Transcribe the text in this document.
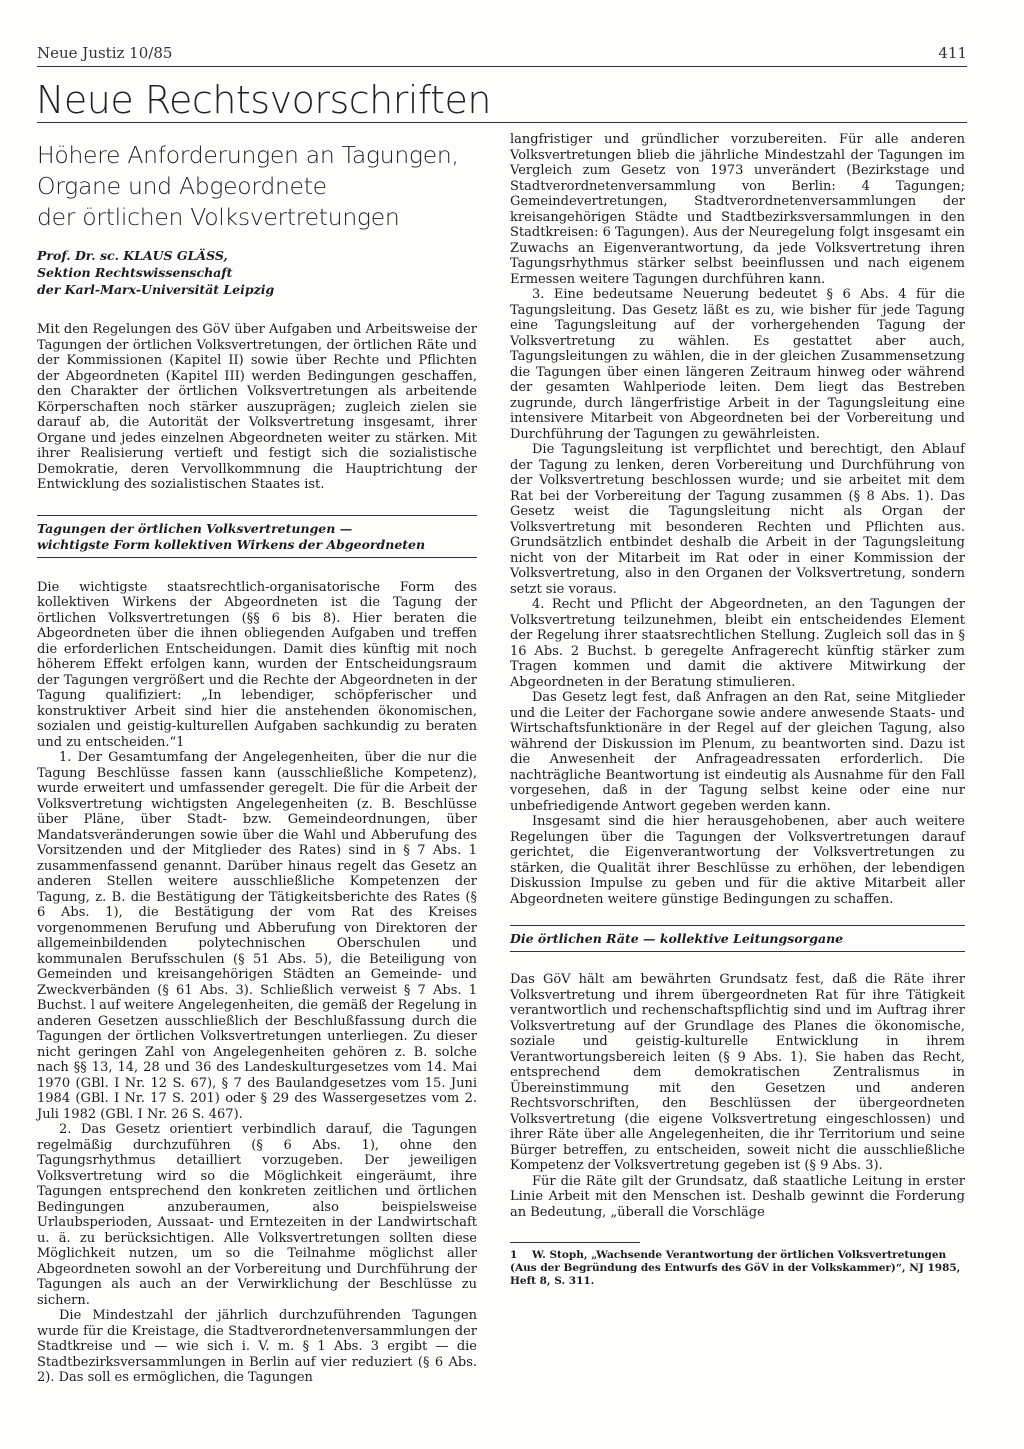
Neue Justiz 10/85	411
Neue Rechtsvorschriften

Höhere Anforderungen an Tagungen,

Organe und Abgeordnete

der örtlichen Volksvertretungen

Prof. Dr. sc. KLAUS GLÄSS,

Sektion Rechtswissenschaft

der Karl-Marx-Universität Leipzig

Mit den Regelungen des GöV über Aufgaben und Arbeitsweise der Tagungen der örtlichen Volksvertretungen, der örtlichen Räte und der Kommissionen (Kapitel II) sowie über Rechte und Pflichten der Abgeordneten (Kapitel III) werden Bedingungen geschaffen, den Charakter der örtlichen Volksvertretungen als arbeitende Körperschaften noch stärker auszuprägen; zugleich zielen sie darauf ab, die Autorität der Volksvertretung insgesamt, ihrer Organe und jedes einzelnen Abgeordneten weiter zu stärken. Mit ihrer Realisierung vertieft und festigt sich die sozialistische Demokratie, deren Vervollkommnung die Hauptrichtung der Entwicklung des sozialistischen Staates ist.

Tagungen der örtlichen Volksvertretungen —

wichtigste Form kollektiven Wirkens der Abgeordneten

Die wichtigste staatsrechtlich-organisatorische Form des kollektiven Wirkens der Abgeordneten ist die Tagung der örtlichen Volksvertretungen (§§ 6 bis 8). Hier beraten die Abgeordneten über die ihnen obliegenden Aufgaben und treffen die erforderlichen Entscheidungen. Damit dies künftig mit noch höherem Effekt erfolgen kann, wurden der Entscheidungsraum der Tagungen vergrößert und die Rechte der Abgeordneten in der Tagung qualifiziert: „In lebendiger, schöpferischer und konstruktiver Arbeit sind hier die anstehenden ökonomischen, sozialen und geistig-kulturellen Aufgaben sachkundig zu beraten und zu entscheiden.“1

1. Der Gesamtumfang der Angelegenheiten, über die nur die Tagung Beschlüsse fassen kann (ausschließliche Kompetenz), wurde erweitert und umfassender geregelt. Die für die Arbeit der Volksvertretung wichtigsten Angelegenheiten (z. B. Beschlüsse über Pläne, über Stadt- bzw. Gemeindeordnungen, über Mandatsveränderungen sowie über die Wahl und Abberufung des Vorsitzenden und der Mitglieder des Rates) sind in § 7 Abs. 1 zusammenfassend genannt. Darüber hinaus regelt das Gesetz an anderen Stellen weitere ausschließliche Kompetenzen der Tagung, z. B. die Bestätigung der Tätigkeitsberichte des Rates (§ 6 Abs. 1), die Bestätigung der vom Rat des Kreises vorgenommenen Berufung und Abberufung von Direktoren der allgemeinbildenden polytechnischen Oberschulen und kommunalen Berufsschulen (§ 51 Abs. 5), die Beteiligung von Gemeinden und kreisangehörigen Städten an Gemeinde- und Zweckverbänden (§ 61 Abs. 3). Schließlich verweist § 7 Abs. 1 Buchst. l auf weitere Angelegenheiten, die gemäß der Regelung in anderen Gesetzen ausschließlich der Beschlußfassung durch die Tagungen der örtlichen Volksvertretungen unterliegen. Zu dieser nicht geringen Zahl von Angelegenheiten gehören z. B. solche nach §§ 13, 14, 28 und 36 des Landeskulturgesetzes vom 14. Mai 1970 (GBl. I Nr. 12 S. 67), § 7 des Baulandgesetzes vom 15. Juni 1984 (GBl. I Nr. 17 S. 201) oder § 29 des Wassergesetzes vom 2. Juli 1982 (GBl. I Nr. 26 S. 467).

2. Das Gesetz orientiert verbindlich darauf, die Tagungen regelmäßig durchzuführen (§ 6 Abs. 1), ohne den Tagungsrhythmus detailliert vorzugeben. Der jeweiligen Volksvertretung wird so die Möglichkeit eingeräumt, ihre Tagungen entsprechend den konkreten zeitlichen und örtlichen Bedingungen anzuberaumen, also beispielsweise Urlaubsperioden, Aussaat- und Erntezeiten in der Landwirtschaft u. ä. zu berücksichtigen. Alle Volksvertretungen sollten diese Möglichkeit nutzen, um so die Teilnahme möglichst aller Abgeordneten sowohl an der Vorbereitung und Durchführung der Tagungen als auch an der Verwirklichung der Beschlüsse zu sichern.

Die Mindestzahl der jährlich durchzuführenden Tagungen wurde für die Kreistage, die Stadtverordnetenversammlungen der Stadtkreise und — wie sich i. V. m. § 1 Abs. 3 ergibt — die Stadtbezirksversammlungen in Berlin auf vier reduziert (§ 6 Abs. 2). Das soll es ermöglichen, die Tagungen

langfristiger und gründlicher vorzubereiten. Für alle anderen Volksvertretungen blieb die jährliche Mindestzahl der Tagungen im Vergleich zum Gesetz von 1973 unverändert (Bezirkstage und Stadtverordnetenversammlung von Berlin: 4 Tagungen; Gemeindevertretungen, Stadtverordnetenversammlungen der kreisangehörigen Städte und Stadtbezirksversammlungen in den Stadtkreisen: 6 Tagungen). Aus der Neuregelung folgt insgesamt ein Zuwachs an Eigenverantwortung, da jede Volksvertretung ihren Tagungsrhythmus stärker selbst beeinflussen und nach eigenem Ermessen weitere Tagungen durchführen kann.

3. Eine bedeutsame Neuerung bedeutet § 6 Abs. 4 für die Tagungsleitung. Das Gesetz läßt es zu, wie bisher für jede Tagung eine Tagungsleitung auf der vorhergehenden Tagung der Volksvertretung zu wählen. Es gestattet aber auch, Tagungsleitungen zu wählen, die in der gleichen Zusammensetzung die Tagungen über einen längeren Zeitraum hinweg oder während der gesamten Wahlperiode leiten. Dem liegt das Bestreben zugrunde, durch längerfristige Arbeit in der Tagungsleitung eine intensivere Mitarbeit von Abgeordneten bei der Vorbereitung und Durchführung der Tagungen zu gewährleisten.

Die Tagungsleitung ist verpflichtet und berechtigt, den Ablauf der Tagung zu lenken, deren Vorbereitung und Durchführung von der Volksvertretung beschlossen wurde; und sie arbeitet mit dem Rat bei der Vorbereitung der Tagung zusammen (§ 8 Abs. 1). Das Gesetz weist die Tagungsleitung nicht als Organ der Volksvertretung mit besonderen Rechten und Pflichten aus. Grundsätzlich entbindet deshalb die Arbeit in der Tagungsleitung nicht von der Mitarbeit im Rat oder in einer Kommission der Volksvertretung, also in den Organen der Volksvertretung, sondern setzt sie voraus.

4. Recht und Pflicht der Abgeordneten, an den Tagungen der Volksvertretung teilzunehmen, bleibt ein entscheidendes Element der Regelung ihrer staatsrechtlichen Stellung. Zugleich soll das in § 16 Abs. 2 Buchst. b geregelte Anfragerecht künftig stärker zum Tragen kommen und damit die aktivere Mitwirkung der Abgeordneten in der Beratung stimulieren.

Das Gesetz legt fest, daß Anfragen an den Rat, seine Mitglieder und die Leiter der Fachorgane sowie andere anwesende Staats- und Wirtschaftsfunktionäre in der Regel auf der gleichen Tagung, also während der Diskussion im Plenum, zu beantworten sind. Dazu ist die Anwesenheit der Anfrageadressaten erforderlich. Die nachträgliche Beantwortung ist eindeutig als Ausnahme für den Fall vorgesehen, daß in der Tagung selbst keine oder eine nur unbefriedigende Antwort gegeben werden kann.

Insgesamt sind die hier herausgehobenen, aber auch weitere Regelungen über die Tagungen der Volksvertretungen darauf gerichtet, die Eigenverantwortung der Volksvertretungen zu stärken, die Qualität ihrer Beschlüsse zu erhöhen, der lebendigen Diskussion Impulse zu geben und für die aktive Mitarbeit aller Abgeordneten weitere günstige Bedingungen zu schaffen.

Die örtlichen Räte — kollektive Leitungsorgane

Das GöV hält am bewährten Grundsatz fest, daß die Räte ihrer Volksvertretung und ihrem übergeordneten Rat für ihre Tätigkeit verantwortlich und rechenschaftspflichtig sind und im Auftrag ihrer Volksvertretung auf der Grundlage des Planes die ökonomische, soziale und geistig-kulturelle Entwicklung in ihrem Verantwortungsbereich leiten (§ 9 Abs. 1). Sie haben das Recht, entsprechend dem demokratischen Zentralismus in Übereinstimmung mit den Gesetzen und anderen Rechtsvorschriften, den Beschlüssen der übergeordneten Volksvertretung (die eigene Volksvertretung eingeschlossen) und ihrer Räte über alle Angelegenheiten, die ihr Territorium und seine Bürger betreffen, zu entscheiden, soweit nicht die ausschließliche Kompetenz der Volksvertretung gegeben ist (§ 9 Abs. 3).

Für die Räte gilt der Grundsatz, daß staatliche Leitung in erster Linie Arbeit mit den Menschen ist. Deshalb gewinnt die Forderung an Bedeutung, „überall die Vorschläge

1 W. Stoph, „Wachsende Verantwortung der örtlichen Volksvertretungen (Aus der Begründung des Entwurfs des GöV in der Volkskammer)“, NJ 1985, Heft 8, S. 311.
